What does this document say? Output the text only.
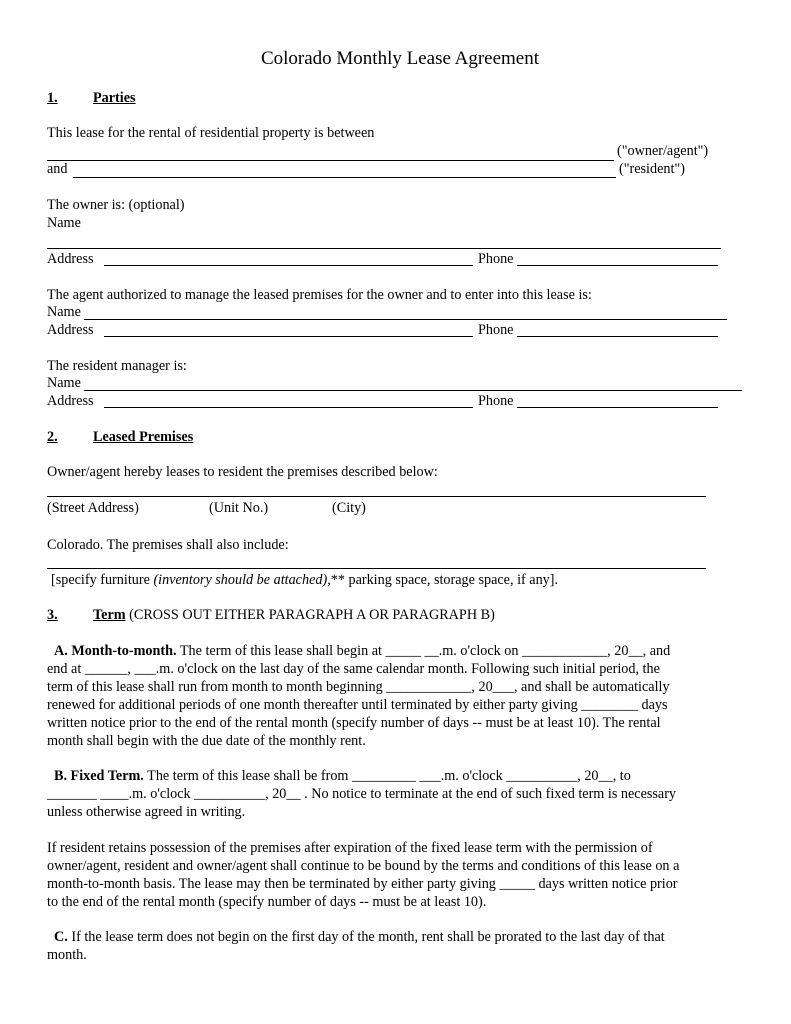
Colorado Monthly Lease Agreement
1. Parties
This lease for the rental of residential property is between
("owner/agent")
and	("resident")
The owner is: (optional)
Name
Address	Phone
The agent authorized to manage the leased premises for the owner and to enter into this lease is:
Name
Address	Phone
The resident manager is:
Name
Address	Phone
2. Leased Premises
Owner/agent hereby leases to resident the premises described below:
(Street Address)	(Unit No.)	(City)
Colorado. The premises shall also include:
[specify furniture (inventory should be attached),** parking space, storage space, if any].
3. Term (CROSS OUT EITHER PARAGRAPH A OR PARAGRAPH B)
A. Month-to-month. The term of this lease shall begin at _____ __.m. o'clock on ____________, 20__, and
end at ______, ___.m. o'clock on the last day of the same calendar month. Following such initial period, the
term of this lease shall run from month to month beginning ____________, 20___, and shall be automatically
renewed for additional periods of one month thereafter until terminated by either party giving ________ days
written notice prior to the end of the rental month (specify number of days -- must be at least 10). The rental
month shall begin with the due date of the monthly rent.
B. Fixed Term. The term of this lease shall be from _________ ___.m. o'clock __________, 20__, to
_______ ____.m. o'clock __________, 20__ . No notice to terminate at the end of such fixed term is necessary
unless otherwise agreed in writing.
If resident retains possession of the premises after expiration of the fixed lease term with the permission of
owner/agent, resident and owner/agent shall continue to be bound by the terms and conditions of this lease on a
month-to-month basis. The lease may then be terminated by either party giving _____ days written notice prior
to the end of the rental month (specify number of days -- must be at least 10).
C. If the lease term does not begin on the first day of the month, rent shall be prorated to the last day of that
month.
